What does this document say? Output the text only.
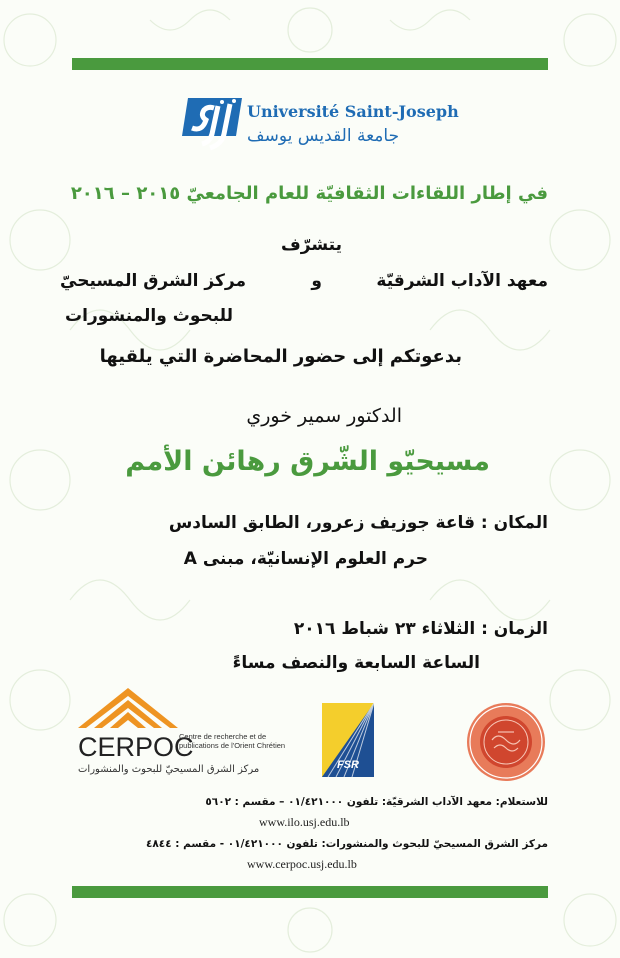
Université Saint-Joseph
جامعة القديس يوسف
في إطار اللقاءات الثقافيّة للعام الجامعيّ ٢٠١٥ – ٢٠١٦
يتشرّف
معهد الآداب الشرقيّة
و
مركز الشرق المسيحيّ
للبحوث والمنشورات
بدعوتكم إلى حضور المحاضرة التي يلقيها
الدكتور سمير خوري
مسيحيّو الشّرق رهائن الأمم
المكان : قاعة جوزيف زعرور، الطابق السادس
حرم العلوم الإنسانيّة، مبنى A
الزمان : الثلاثاء ٢٣ شباط ٢٠١٦
الساعة السابعة والنصف مساءً
CERPOC
Centre de recherche et de publications de l'Orient Chrétien
مركز الشرق المسيحيّ للبحوث والمنشورات	FSR
للاستعلام: معهد الآداب الشرقيّة: تلفون ٠١/٤٢١٠٠٠ – مقسم : ٥٦٠٢
www.ilo.usj.edu.lb
مركز الشرق المسيحيّ للبحوث والمنشورات: تلفون ٠١/٤٢١٠٠٠ - مقسم : ٤٨٤٤
www.cerpoc.usj.edu.lb
